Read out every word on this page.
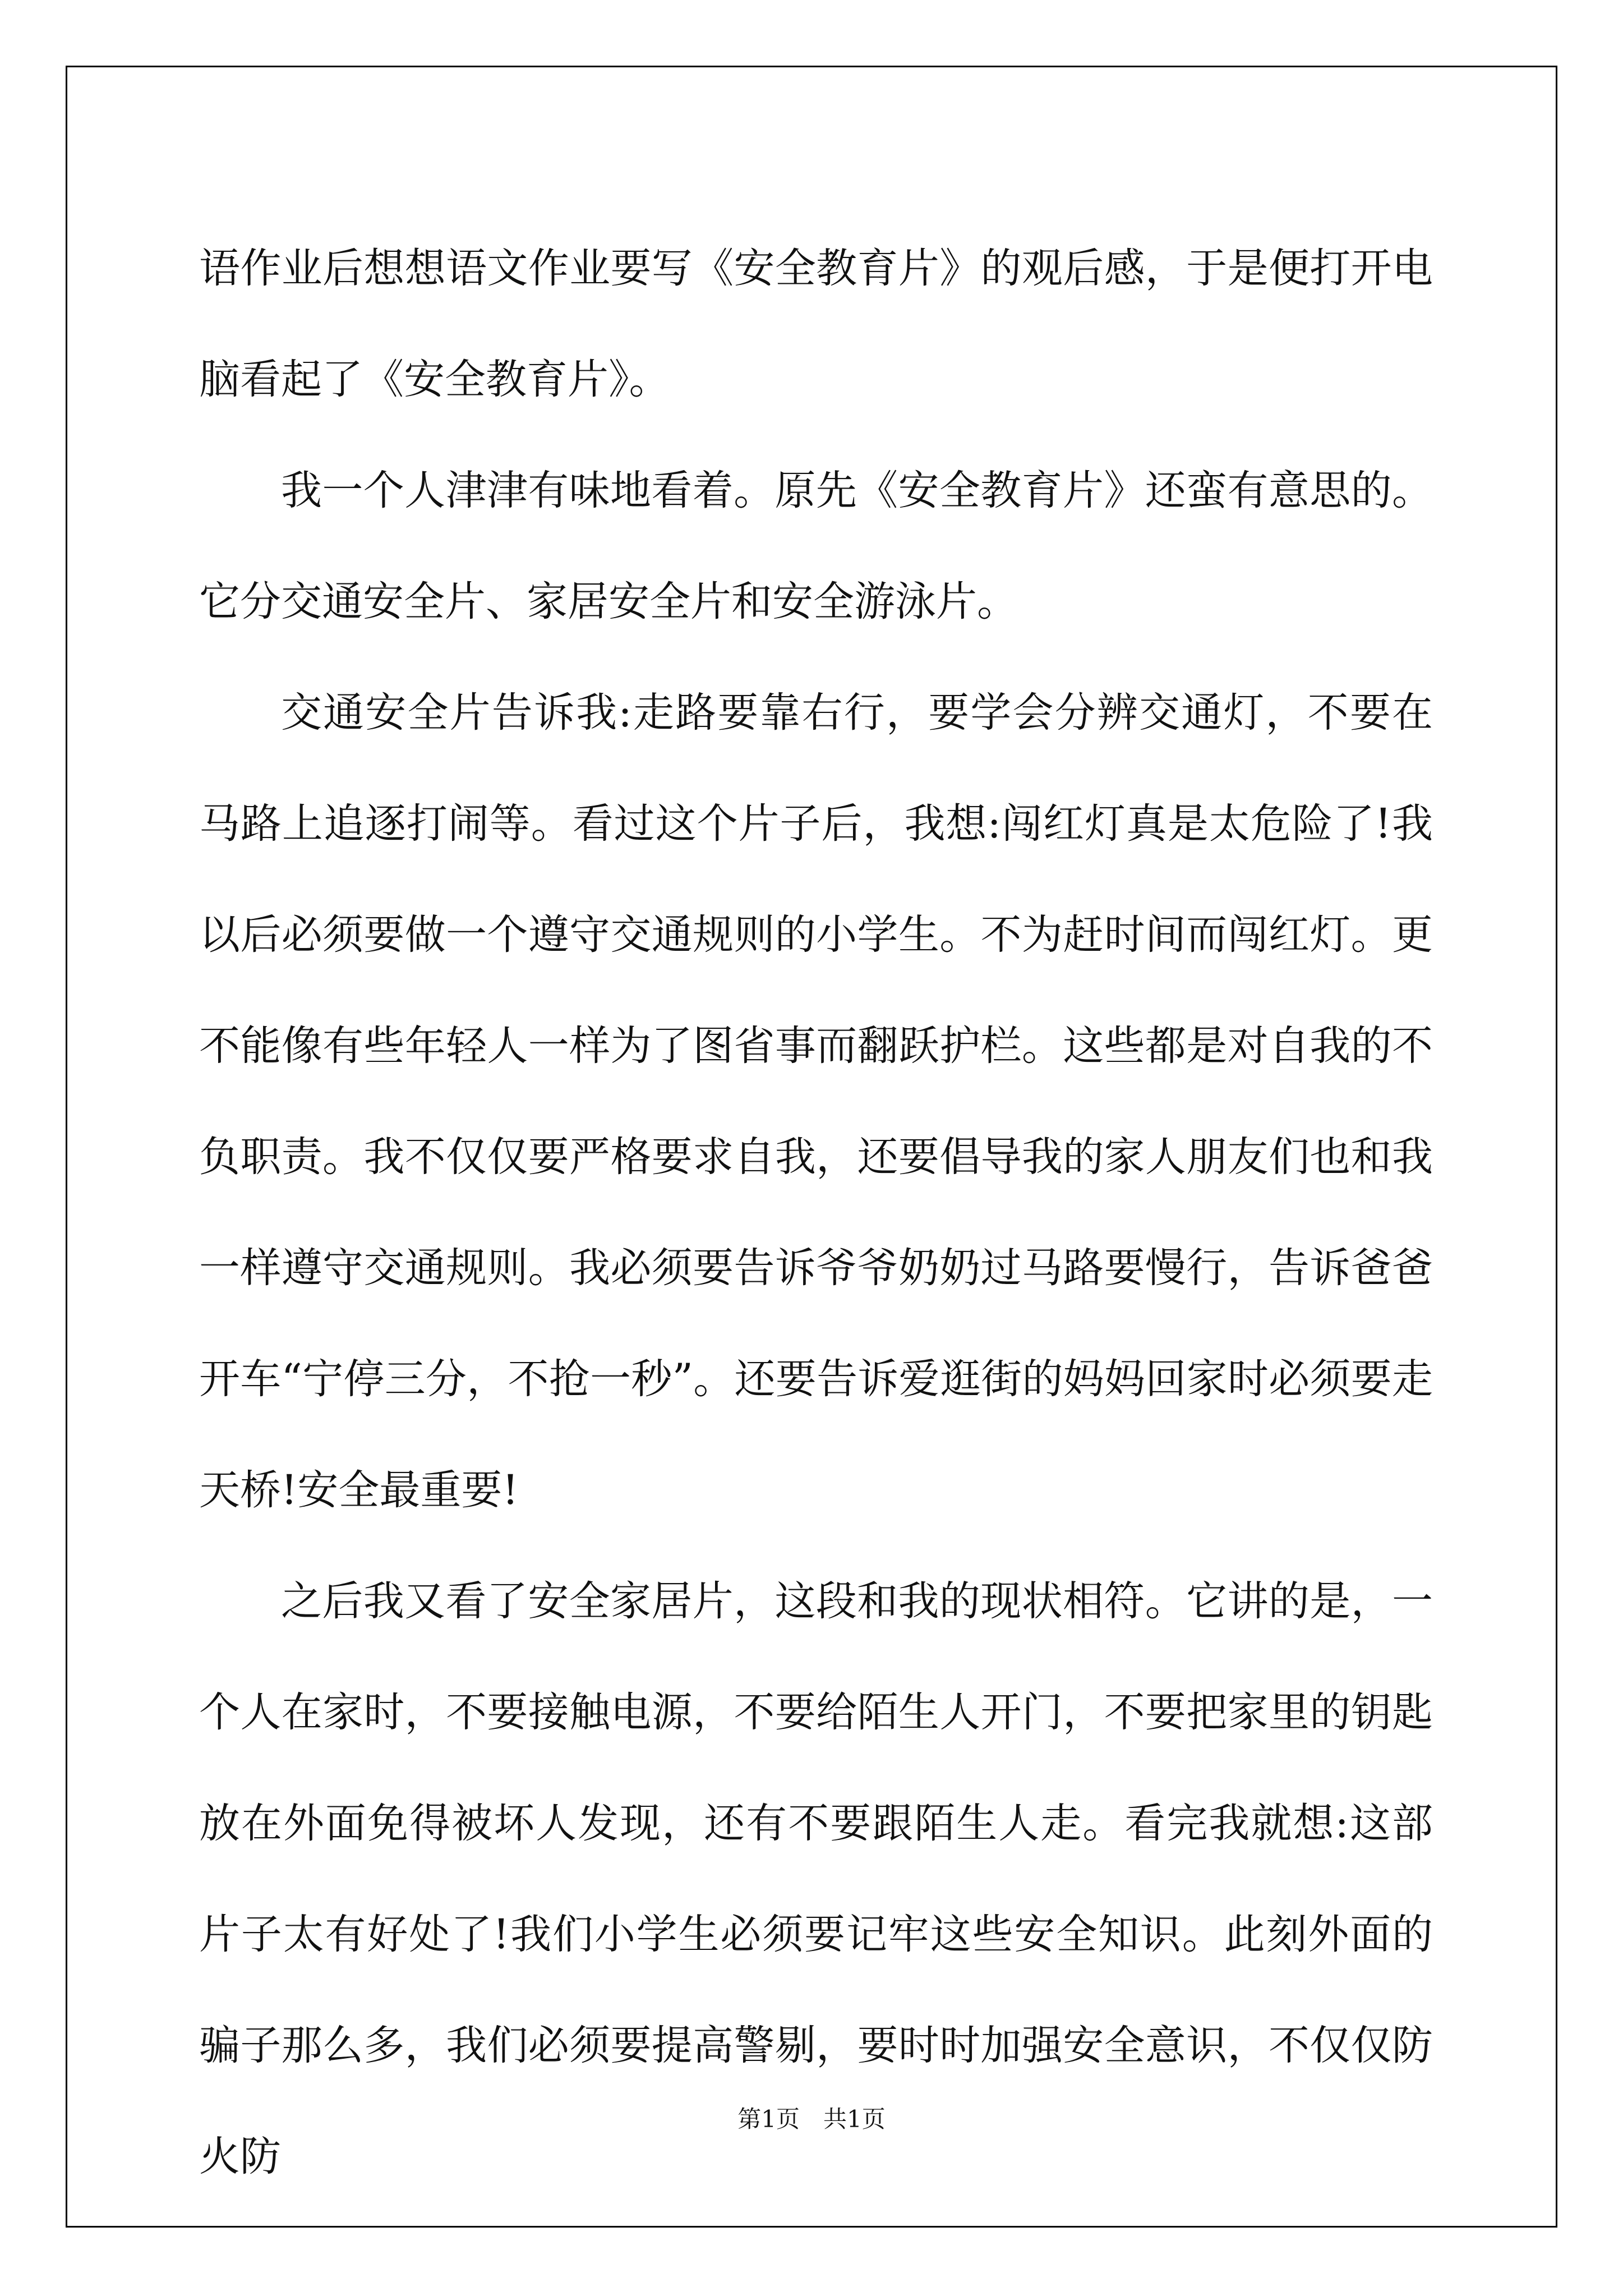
语作业后想想语文作业要写《安全教育片》的观后感，于是便打开电脑看起了《安全教育片》。

我一个人津津有味地看着。原先《安全教育片》还蛮有意思的。它分交通安全片、家居安全片和安全游泳片。

交通安全片告诉我:走路要靠右行，要学会分辨交通灯，不要在马路上追逐打闹等。看过这个片子后，我想:闯红灯真是太危险了!我以后必须要做一个遵守交通规则的小学生。不为赶时间而闯红灯。更不能像有些年轻人一样为了图省事而翻跃护栏。这些都是对自我的不负职责。我不仅仅要严格要求自我，还要倡导我的家人朋友们也和我一样遵守交通规则。我必须要告诉爷爷奶奶过马路要慢行，告诉爸爸开车“宁停三分，不抢一秒”。还要告诉爱逛街的妈妈回家时必须要走天桥!安全最重要!

之后我又看了安全家居片，这段和我的现状相符。它讲的是，一个人在家时，不要接触电源，不要给陌生人开门，不要把家里的钥匙放在外面免得被坏人发现，还有不要跟陌生人走。看完我就想:这部片子太有好处了!我们小学生必须要记牢这些安全知识。此刻外面的骗子那么多，我们必须要提高警剔，要时时加强安全意识，不仅仅防火防

第1页　共1页
